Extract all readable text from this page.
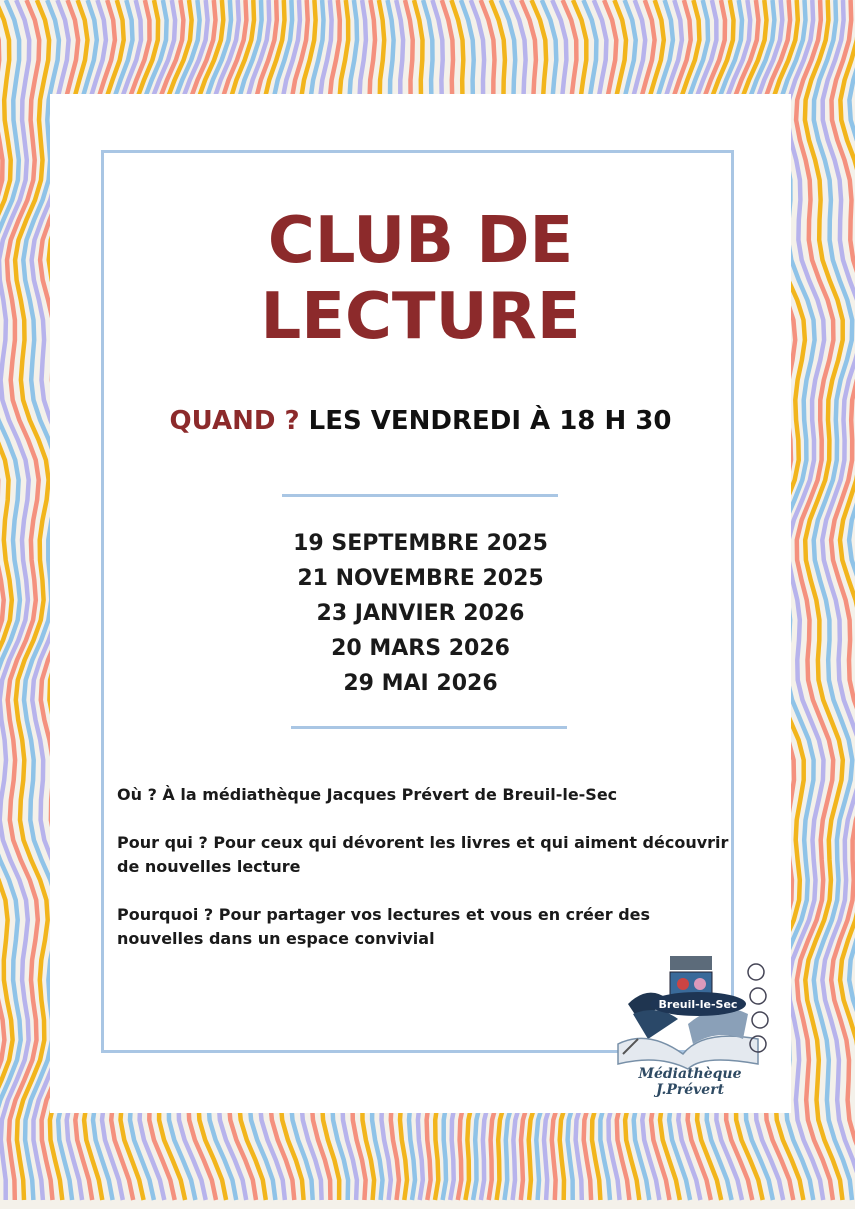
CLUB DE
LECTURE
QUAND ? LES VENDREDI À 18 H 30
19 SEPTEMBRE 2025
21 NOVEMBRE 2025
23 JANVIER 2026
20 MARS 2026
29 MAI 2026
Où ? À la médiathèque Jacques Prévert de Breuil-le-Sec
Pour qui ? Pour ceux qui dévorent les livres et qui aiment découvrir de nouvelles lecture
Pourquoi ? Pour partager vos lectures et vous en créer des nouvelles dans un espace convivial
Breuil-le-Sec
Médiathèque J.Prévert
